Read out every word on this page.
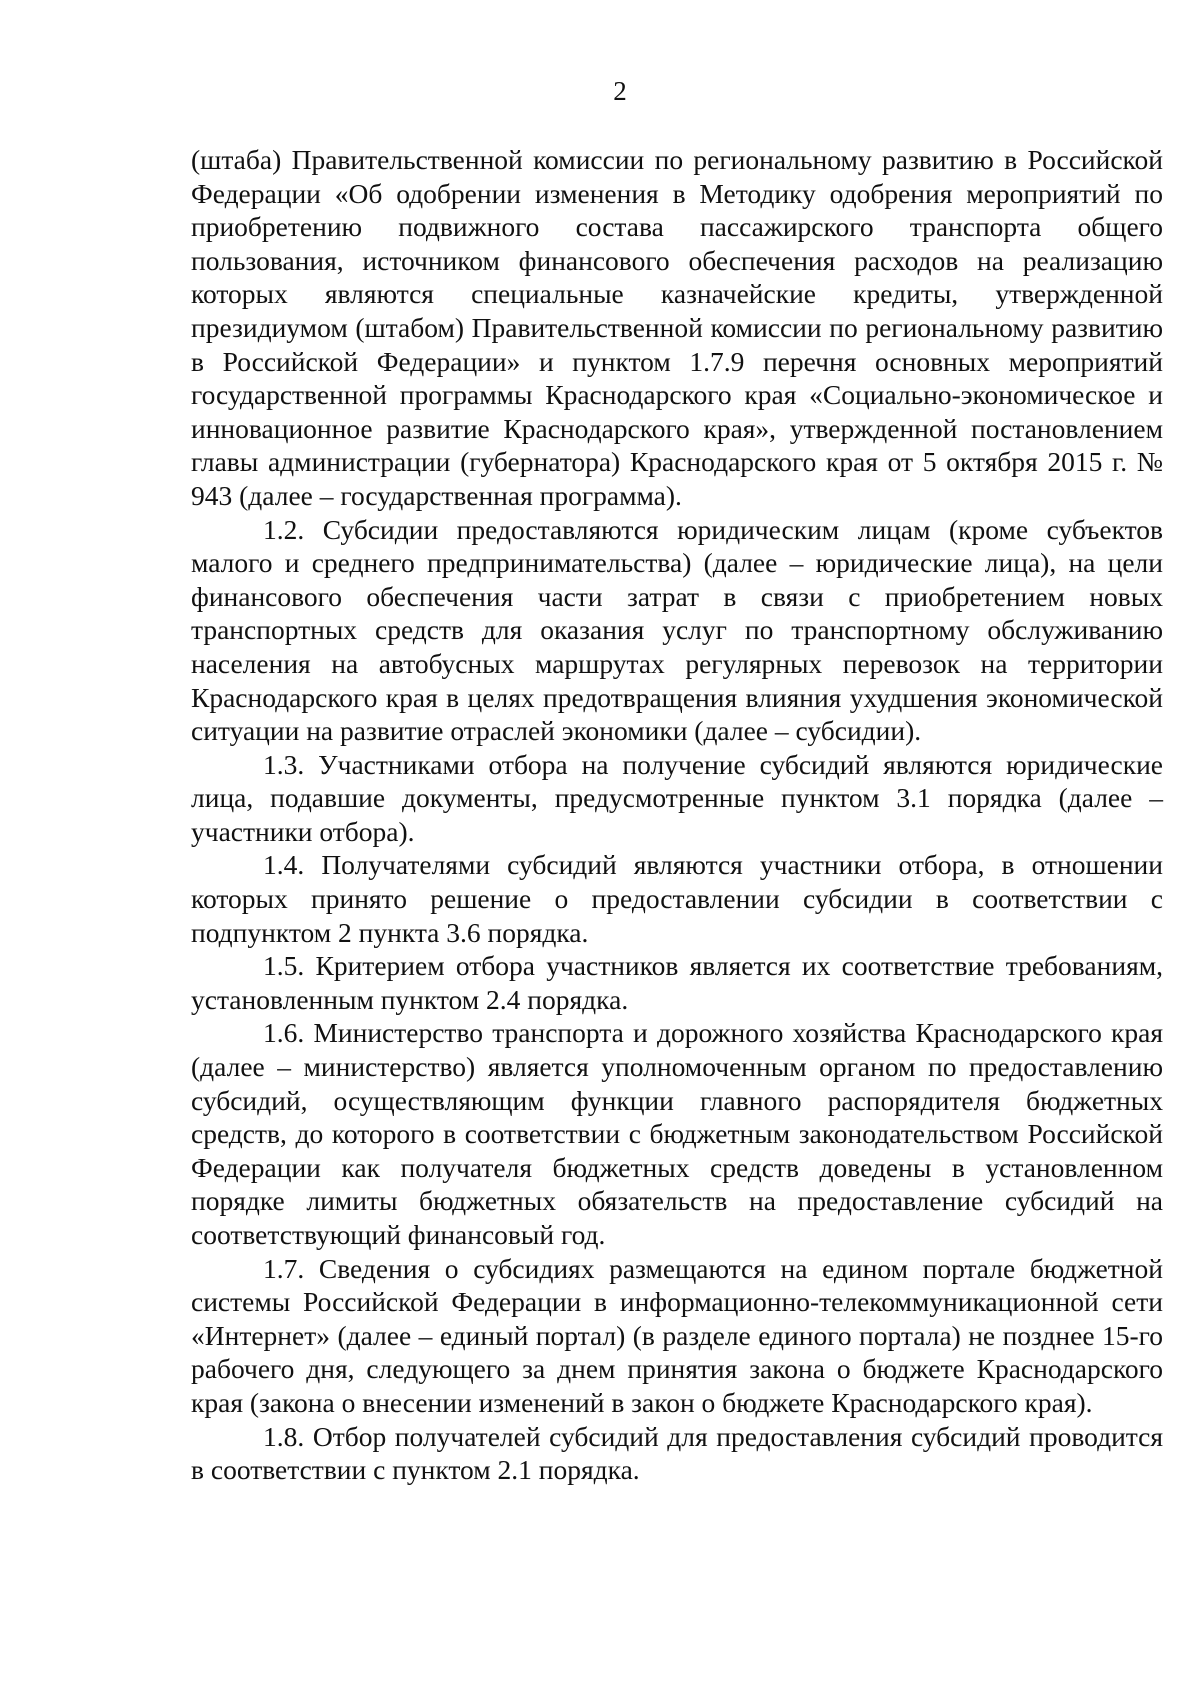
2

(штаба) Правительственной комиссии по региональному развитию в Российской Федерации «Об одобрении изменения в Методику одобрения мероприятий по приобретению подвижного состава пассажирского транспорта общего пользования, источником финансового обеспечения расходов на реализацию которых являются специальные казначейские кредиты, утвержденной президиумом (штабом) Правительственной комиссии по региональному развитию в Российской Федерации» и пунктом 1.7.9 перечня основных мероприятий государственной программы Краснодарского края «Социально-экономическое и инновационное развитие Краснодарского края», утвержденной постановлением главы администрации (губернатора) Краснодарского края от 5 октября 2015 г. № 943 (далее – государственная программа).

1.2. Субсидии предоставляются юридическим лицам (кроме субъектов малого и среднего предпринимательства) (далее – юридические лица), на цели финансового обеспечения части затрат в связи с приобретением новых транспортных средств для оказания услуг по транспортному обслуживанию населения на автобусных маршрутах регулярных перевозок на территории Краснодарского края в целях предотвращения влияния ухудшения экономической ситуации на развитие отраслей экономики (далее – субсидии).

1.3. Участниками отбора на получение субсидий являются юридические лица, подавшие документы, предусмотренные пунктом 3.1 порядка (далее – участники отбора).

1.4. Получателями субсидий являются участники отбора, в отношении которых принято решение о предоставлении субсидии в соответствии с подпунктом 2 пункта 3.6 порядка.

1.5. Критерием отбора участников является их соответствие требованиям, установленным пунктом 2.4 порядка.

1.6. Министерство транспорта и дорожного хозяйства Краснодарского края (далее – министерство) является уполномоченным органом по предоставлению субсидий, осуществляющим функции главного распорядителя бюджетных средств, до которого в соответствии с бюджетным законодательством Российской Федерации как получателя бюджетных средств доведены в установленном порядке лимиты бюджетных обязательств на предоставление субсидий на соответствующий финансовый год.

1.7. Сведения о субсидиях размещаются на едином портале бюджетной системы Российской Федерации в информационно-телекоммуникационной сети «Интернет» (далее – единый портал) (в разделе единого портала) не позднее 15-го рабочего дня, следующего за днем принятия закона о бюджете Краснодарского края (закона о внесении изменений в закон о бюджете Краснодарского края).

1.8. Отбор получателей субсидий для предоставления субсидий проводится в соответствии с пунктом 2.1 порядка.
